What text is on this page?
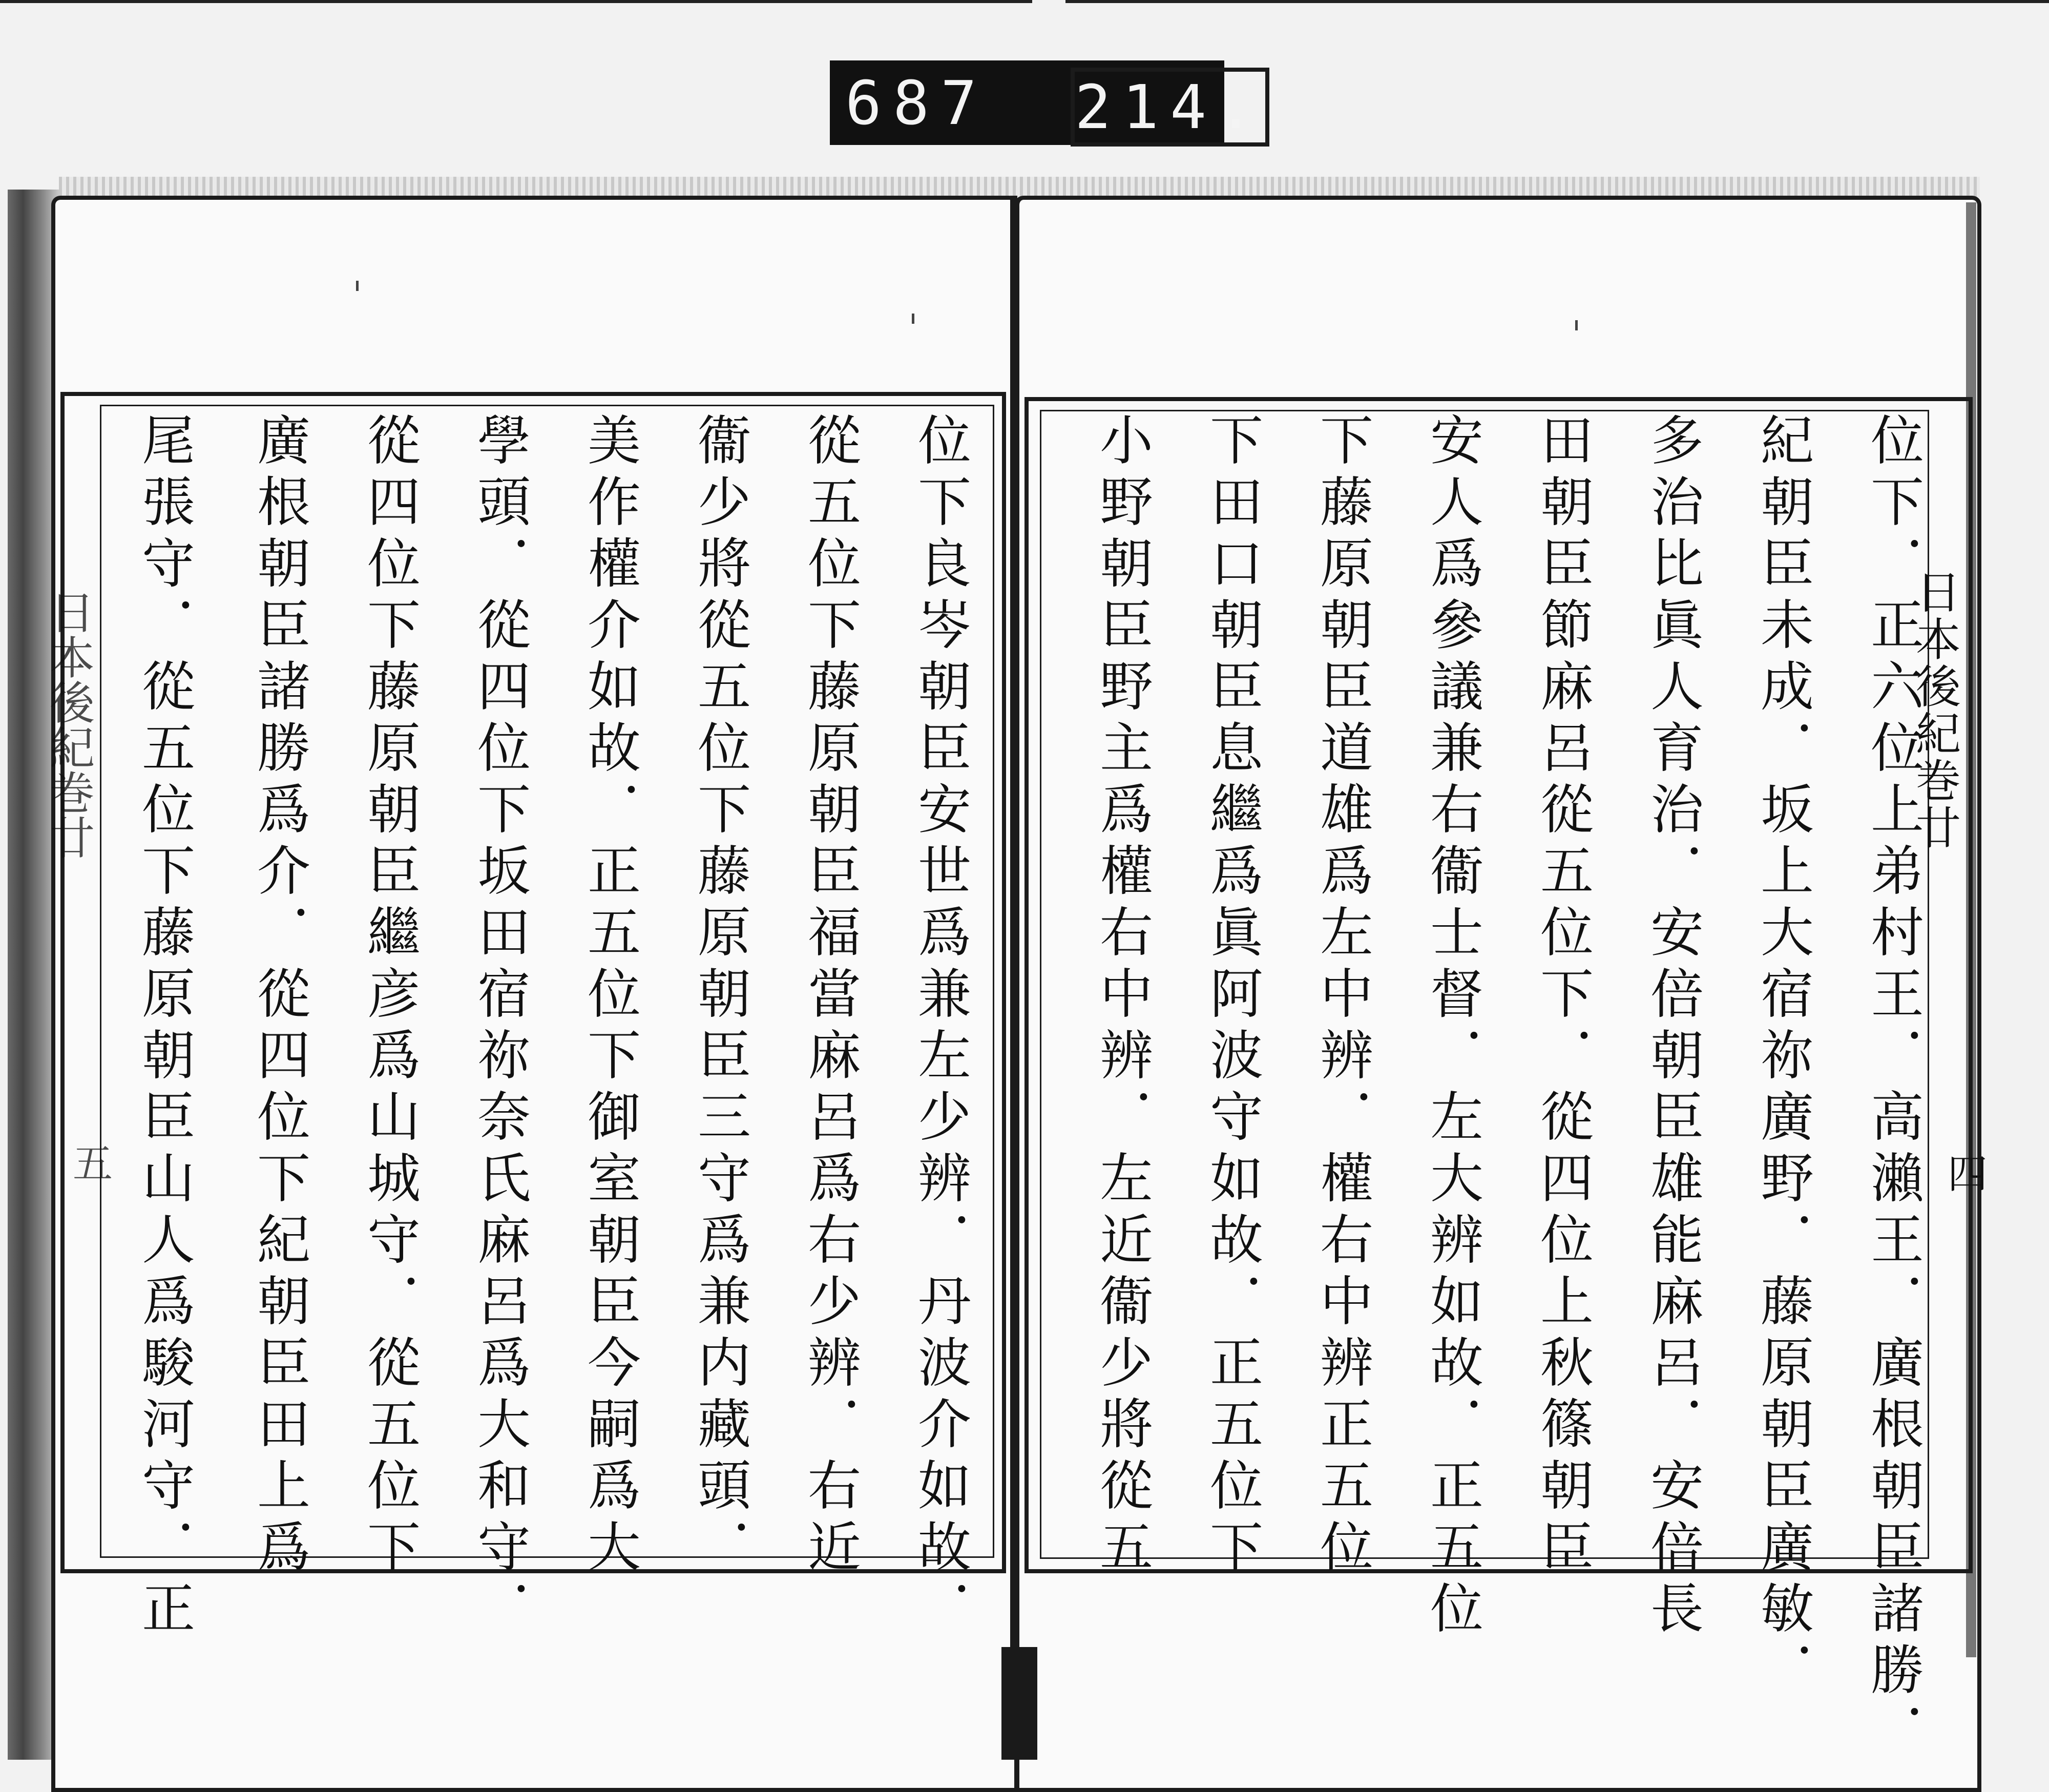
687 214.
位下．正六位上弟村王．高瀨王．廣根朝臣諸勝．
紀朝臣未成．坂上大宿祢廣野．藤原朝臣廣敏．
多治比眞人育治．安倍朝臣雄能麻呂．安倍長
田朝臣節麻呂從五位下．從四位上秋篠朝臣
安人爲參議兼右衞士督．左大辨如故．正五位
下藤原朝臣道雄爲左中辨．權右中辨正五位
下田口朝臣息繼爲眞阿波守如故．正五位下
小野朝臣野主爲權右中辨．左近衞少將從五	日本後紀巻廿
四
位下良岑朝臣安世爲兼左少辨．丹波介如故．
從五位下藤原朝臣福當麻呂爲右少辨．右近
衞少將從五位下藤原朝臣三守爲兼内藏頭．
美作權介如故．正五位下御室朝臣今嗣爲大
學頭．從四位下坂田宿祢奈氏麻呂爲大和守．
從四位下藤原朝臣繼彦爲山城守．從五位下
廣根朝臣諸勝爲介．從四位下紀朝臣田上爲
尾張守．從五位下藤原朝臣山人爲駿河守．正
日本後紀巻廿
五
